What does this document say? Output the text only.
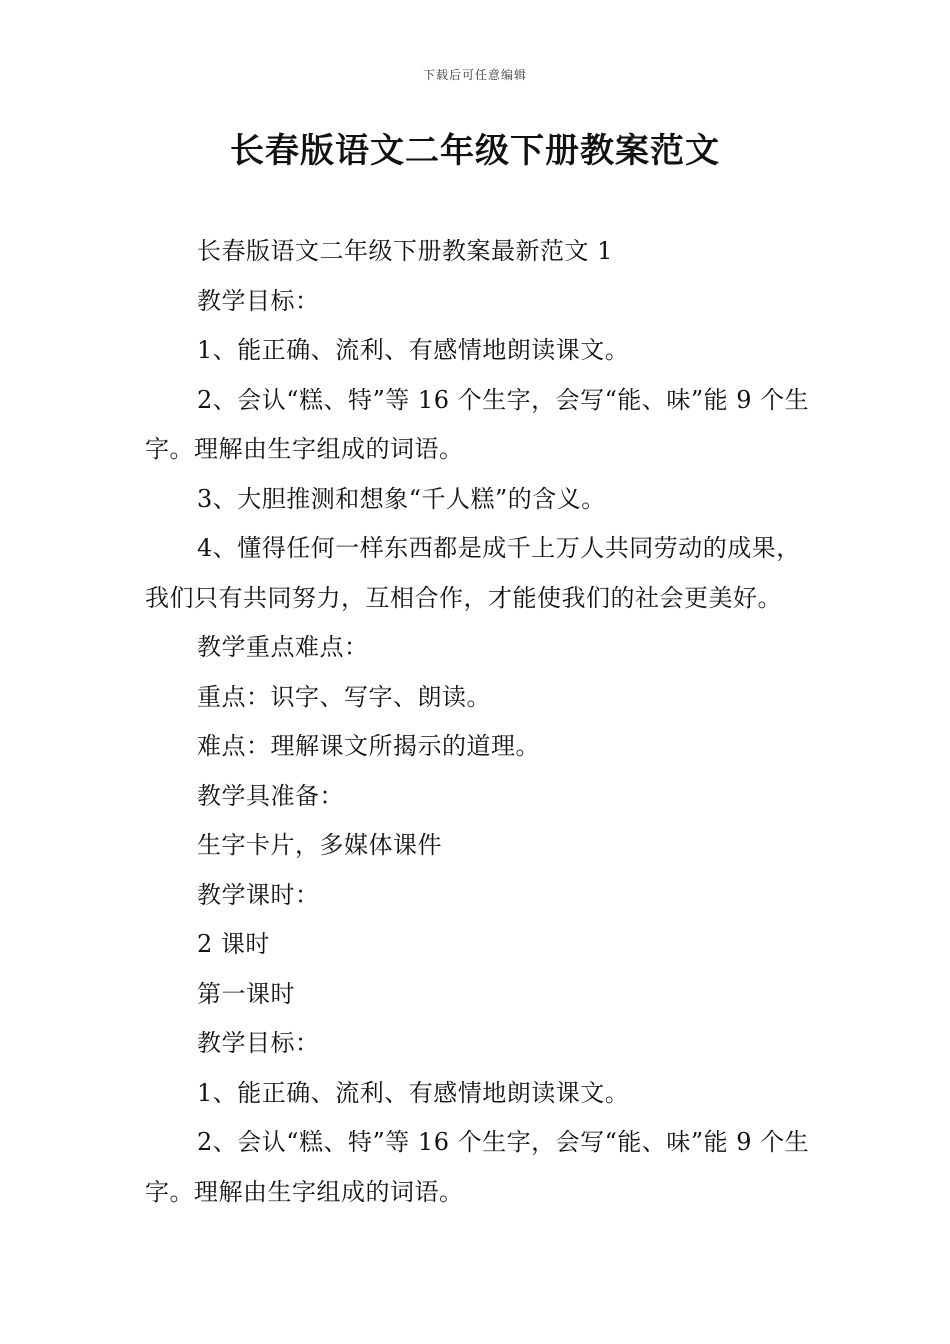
下载后可任意编辑
长春版语文二年级下册教案范文

长春版语文二年级下册教案最新范文 1

教学目标：

1、能正确、流利、有感情地朗读课文。

2、会认“糕、特”等 16 个生字，会写“能、味”能 9 个生字。理解由生字组成的词语。

3、大胆推测和想象“千人糕”的含义。

4、懂得任何一样东西都是成千上万人共同劳动的成果，我们只有共同努力，互相合作，才能使我们的社会更美好。

教学重点难点：

重点：识字、写字、朗读。

难点：理解课文所揭示的道理。

教学具准备：

生字卡片，多媒体课件

教学课时：

2 课时

第一课时

教学目标：

1、能正确、流利、有感情地朗读课文。

2、会认“糕、特”等 16 个生字，会写“能、味”能 9 个生字。理解由生字组成的词语。
